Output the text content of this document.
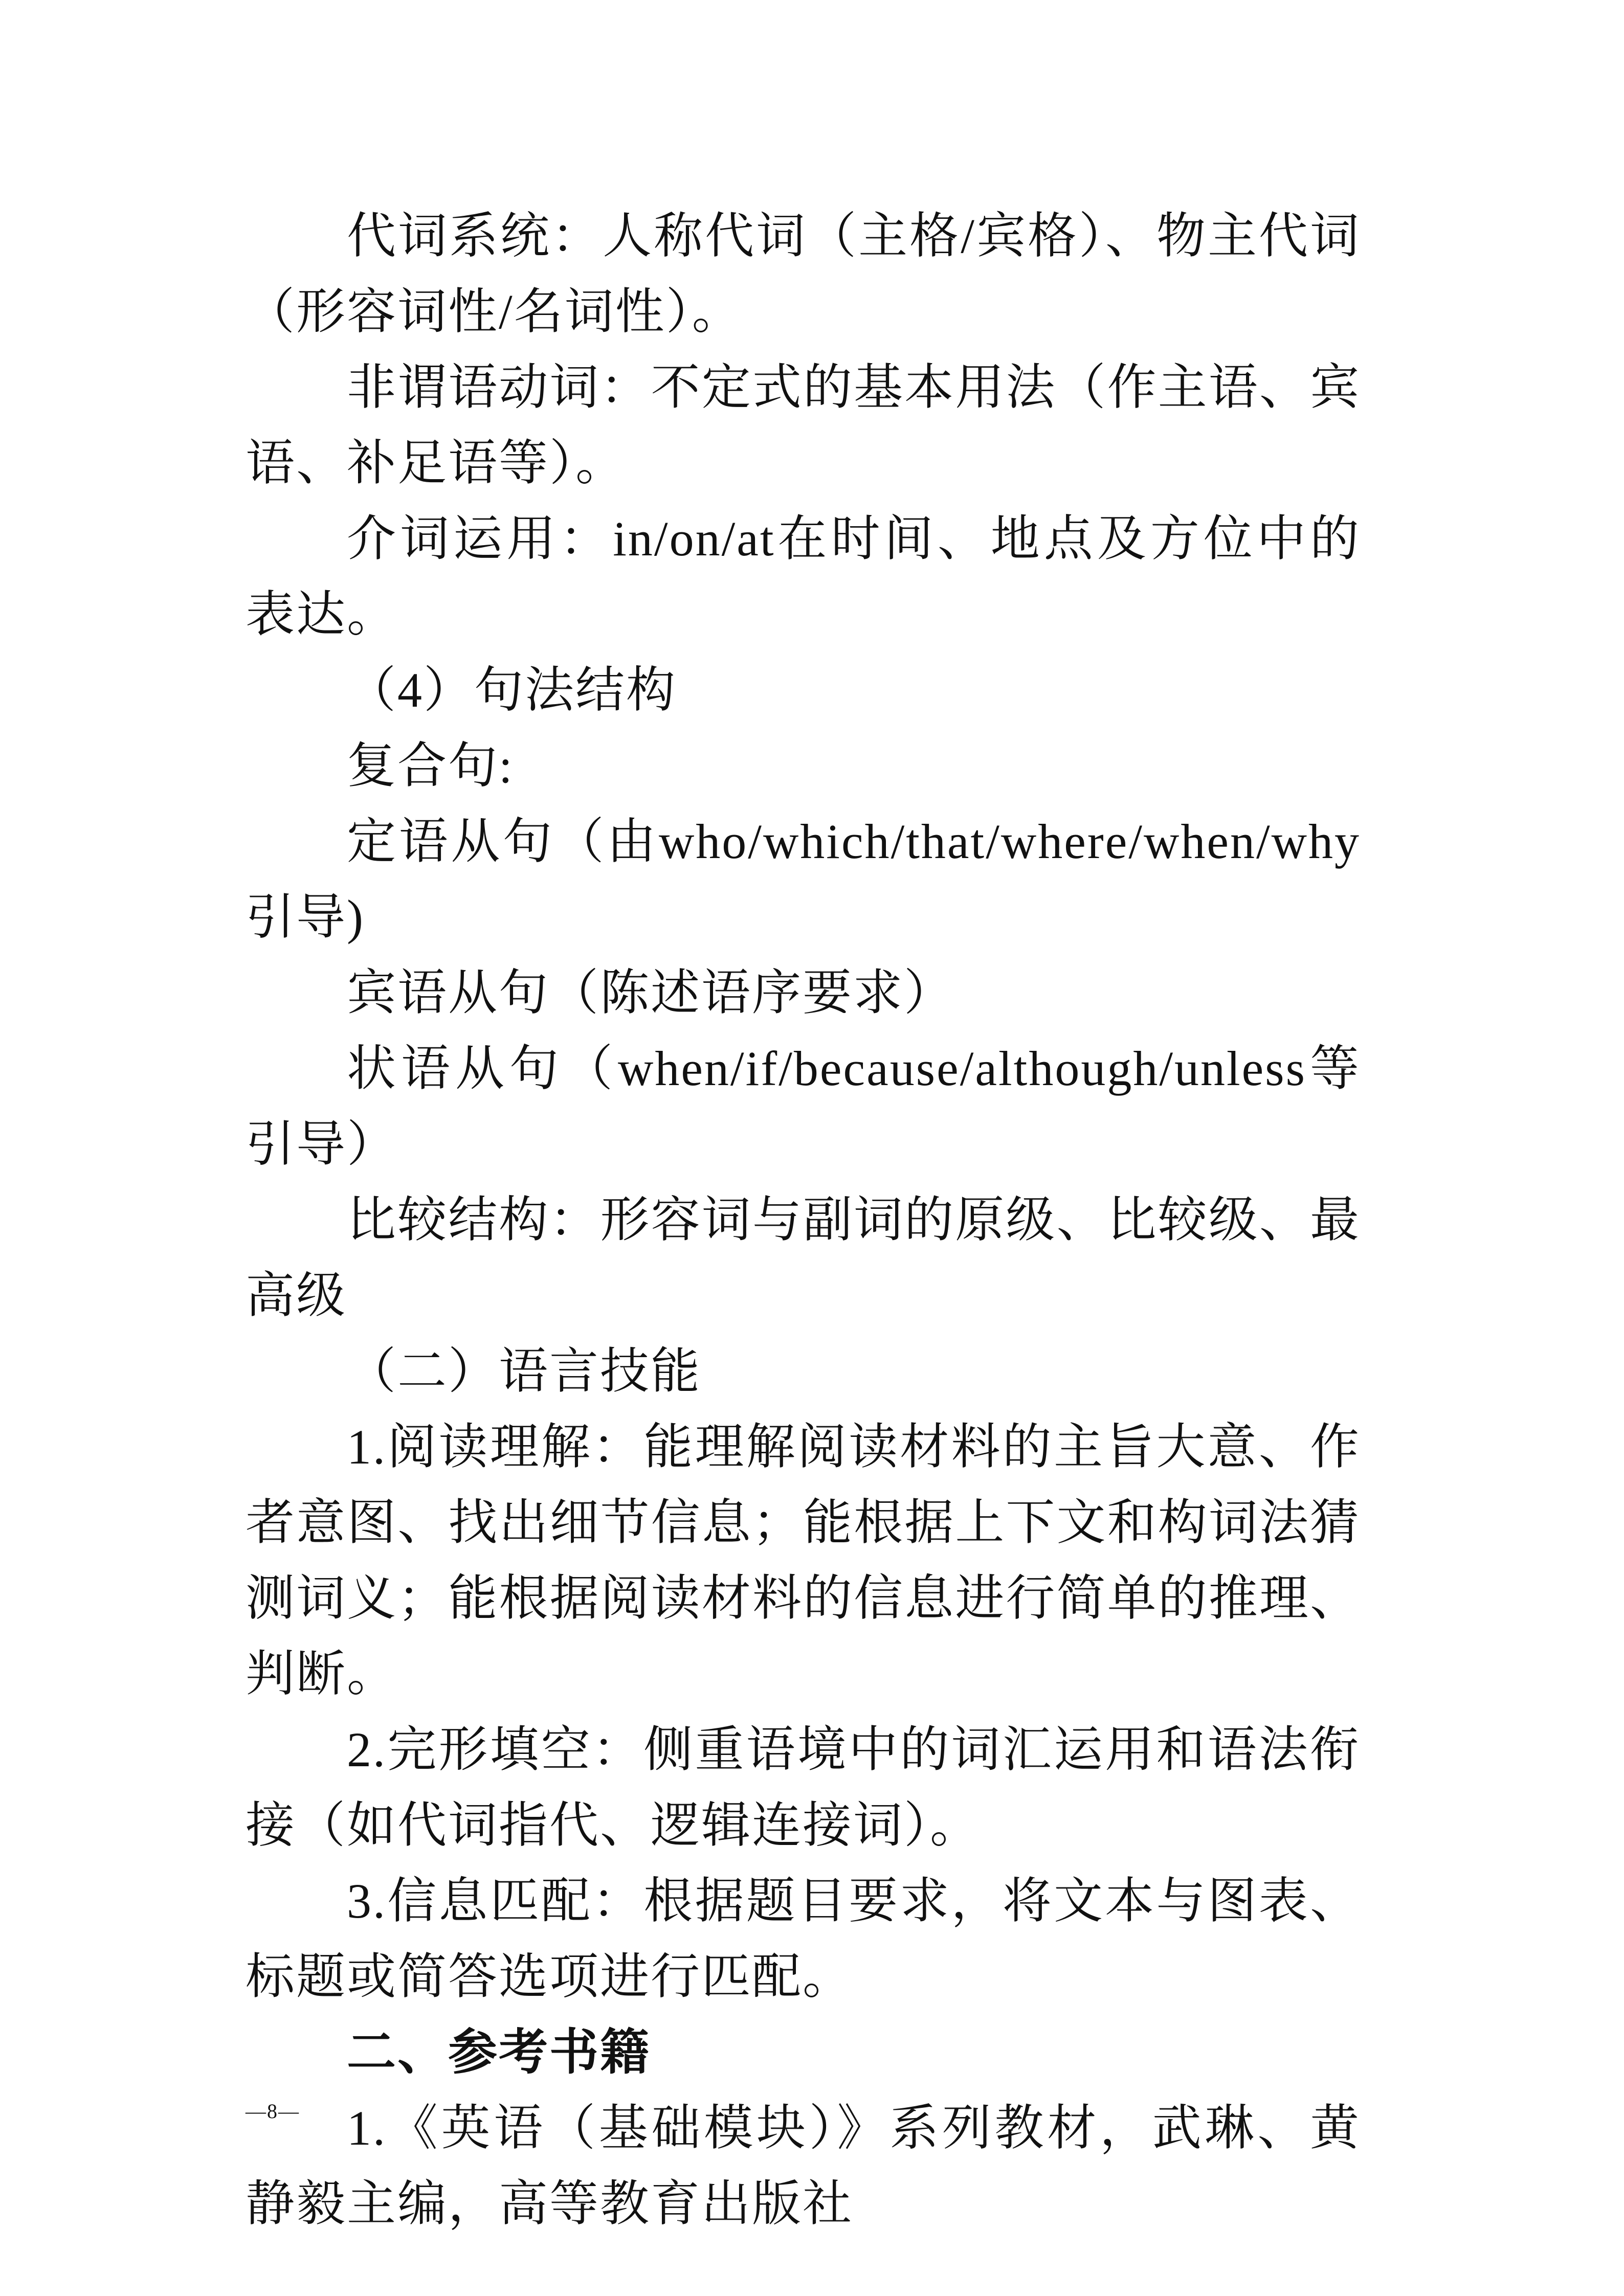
代词系统：人称代词（主格/宾格）、物主代词（形容词性/名词性）。

非谓语动词：不定式的基本用法（作主语、宾语、补足语等）。

介词运用：in/on/at在时间、地点及方位中的表达。

（4）句法结构

复合句:

定语从句（由who/which/that/where/when/why引导)

宾语从句（陈述语序要求）

状语从句（when/if/because/although/unless等引导）

比较结构：形容词与副词的原级、比较级、最高级

（二）语言技能

1.阅读理解：能理解阅读材料的主旨大意、作者意图、找出细节信息；能根据上下文和构词法猜测词义；能根据阅读材料的信息进行简单的推理、判断。

2.完形填空：侧重语境中的词汇运用和语法衔接（如代词指代、逻辑连接词）。

3.信息匹配：根据题目要求，将文本与图表、标题或简答选项进行匹配。

二、参考书籍

1.《英语（基础模块）》系列教材，武琳、黄静毅主编，高等教育出版社

—8—
